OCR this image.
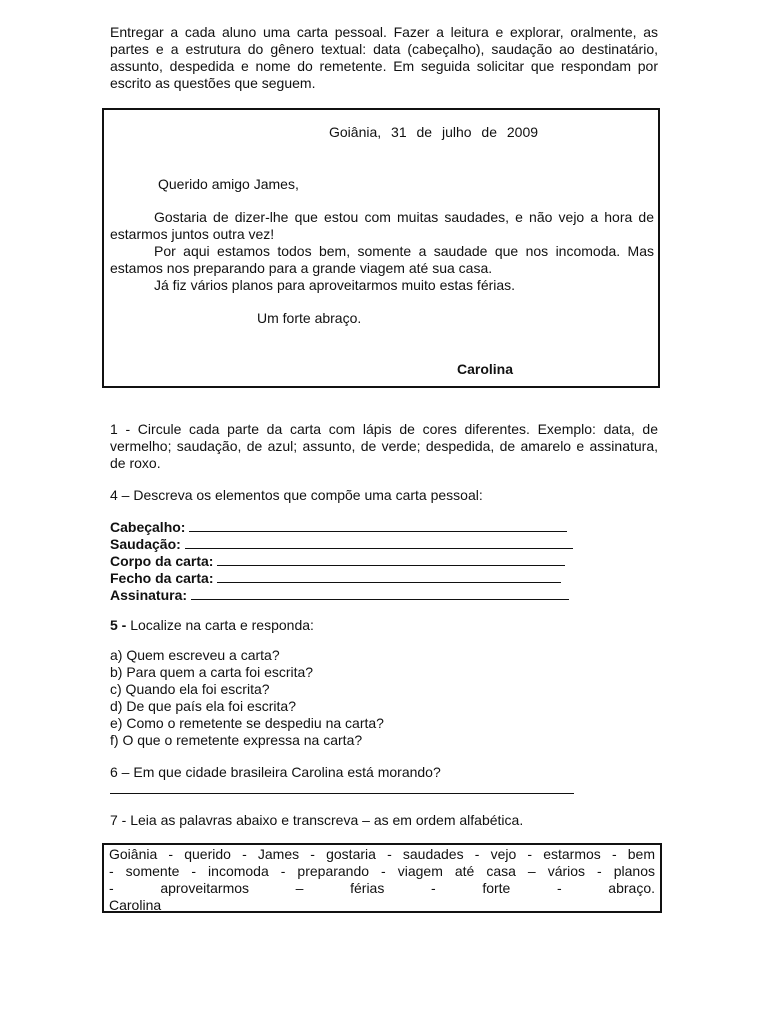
Entregar a cada aluno uma carta pessoal. Fazer a leitura e explorar, oralmente, as partes e a estrutura do gênero textual: data (cabeçalho), saudação ao destinatário, assunto, despedida e nome do remetente. Em seguida solicitar que respondam por escrito as questões que seguem.
Goiânia, 31 de julho de 2009
Querido amigo James,

Gostaria de dizer-lhe que estou com muitas saudades, e não vejo a hora de estarmos juntos outra vez!

Por aqui estamos todos bem, somente a saudade que nos incomoda. Mas estamos nos preparando para a grande viagem até sua casa.

Já fiz vários planos para aproveitarmos muito estas férias.

Um forte abraço.
Carolina
1 - Circule cada parte da carta com lápis de cores diferentes. Exemplo: data, de vermelho; saudação, de azul; assunto, de verde; despedida, de amarelo e assinatura, de roxo.
4 – Descreva os elementos que compõe uma carta pessoal:
Cabeçalho:
Saudação:
Corpo da carta:
Fecho da carta:
Assinatura:
5 - Localize na carta e responda:
a) Quem escreveu a carta?
b) Para quem a carta foi escrita?
c) Quando ela foi escrita?
d) De que país ela foi escrita?
e) Como o remetente se despediu na carta?
f) O que o remetente expressa na carta?
6 – Em que cidade brasileira Carolina está morando?
7 - Leia as palavras abaixo e transcreva – as em ordem alfabética.
Goiânia - querido - James - gostaria - saudades - vejo - estarmos - bem
- somente - incomoda - preparando - viagem até casa – vários - planos
- aproveitarmos – férias - forte - abraço.
Carolina
